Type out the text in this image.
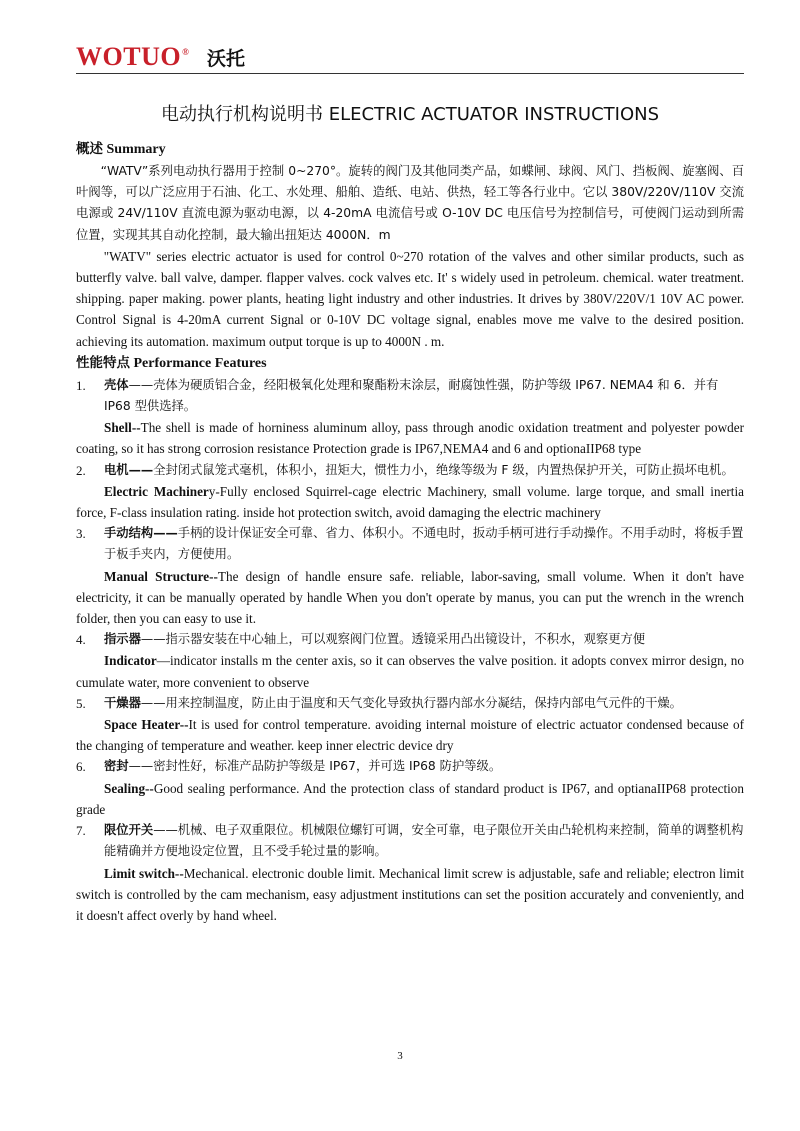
WOTUO® 沃托
电动执行机构说明书 ELECTRIC ACTUATOR INSTRUCTIONS
概述 Summary

“WATV”系列电动执行器用于控制 0~270°。旋转的阀门及其他同类产品，如蝶闸、球阀、风门、挡板阀、旋塞阀、百叶阀等，可以广泛应用于石油、化工、水处理、船舶、造纸、电站、供热，轻工等各行业中。它以 380V/220V/110V 交流电源或 24V/110V 直流电源为驱动电源，以 4-20mA 电流信号或 O-10V DC 电压信号为控制信号，可使阀门运动到所需位置，实现其其自动化控制，最大输出扭矩达 4000N．m

"WATV" series electric actuator is used for control 0~270 rotation of the valves and other similar products, such as butterfly valve. ball valve, damper. flapper valves. cock valves etc. It' s widely used in petroleum. chemical. water treatment. shipping. paper making. power plants, heating light industry and other industries. It drives by 380V/220V/1 10V AC power. Control Signal is 4-20mA current Signal or 0-10V DC voltage signal, enables move me valve to the desired position. achieving its automation. maximum output torque is up to 4000N . m.

性能特点 Performance Features
1. 壳体——壳体为硬质铝合金，经阳极氧化处理和聚酯粉末涂层，耐腐蚀性强，防护等级 IP67. NEMA4 和 6．并有 IP68 型供选择。

Shell--The shell is made of horniness aluminum alloy, pass through anodic oxidation treatment and polyester powder coating, so it has strong corrosion resistance Protection grade is IP67,NEMA4 and 6 and optionaIIP68 type

2. 电机——全封闭式鼠笼式毫机，体积小，扭矩大，惯性力小，绝缘等级为 F 级，内置热保护开关，可防止损坏电机。

Electric Machinery-Fully enclosed Squirrel-cage electric Machinery, small volume. large torque, and small inertia force, F-class insulation rating. inside hot protection switch, avoid damaging the electric machinery

3. 手动结构——手柄的设计保证安全可靠、省力、体积小。不通电时，扳动手柄可进行手动操作。不用手动时，将板手置于板手夹内，方便使用。

Manual Structure--The design of handle ensure safe. reliable, labor-saving, small volume. When it don't have electricity, it can be manually operated by handle When you don't operate by manus, you can put the wrench in the wrench folder, then you can easy to use it.

4. 指示器——指示器安装在中心轴上，可以观察阀门位置。透镜采用凸出镜设计，不积水，观察更方便

Indicator—indicator installs m the center axis, so it can observes the valve position. it adopts convex mirror design, no cumulate water, more convenient to observe

5. 干燥器——用来控制温度，防止由于温度和天气变化导致执行器内部水分凝结，保持内部电气元件的干燥。

Space Heater--It is used for control temperature. avoiding internal moisture of electric actuator condensed because of the changing of temperature and weather. keep inner electric device dry

6. 密封——密封性好，标准产品防护等级是 IP67，并可选 IP68 防护等级。

Sealing--Good sealing performance. And the protection class of standard product is IP67, and optianaIIP68 protection grade

7. 限位开关——机械、电子双重限位。机械限位螺钉可调，安全可靠，电子限位开关由凸轮机构来控制，简单的调整机构能精确并方便地设定位置，且不受手轮过量的影响。

Limit switch--Mechanical. electronic double limit. Mechanical limit screw is adjustable, safe and reliable; electron limit switch is controlled by the cam mechanism, easy adjustment institutions can set the position accurately and conveniently, and it doesn't affect overly by hand wheel.

3
